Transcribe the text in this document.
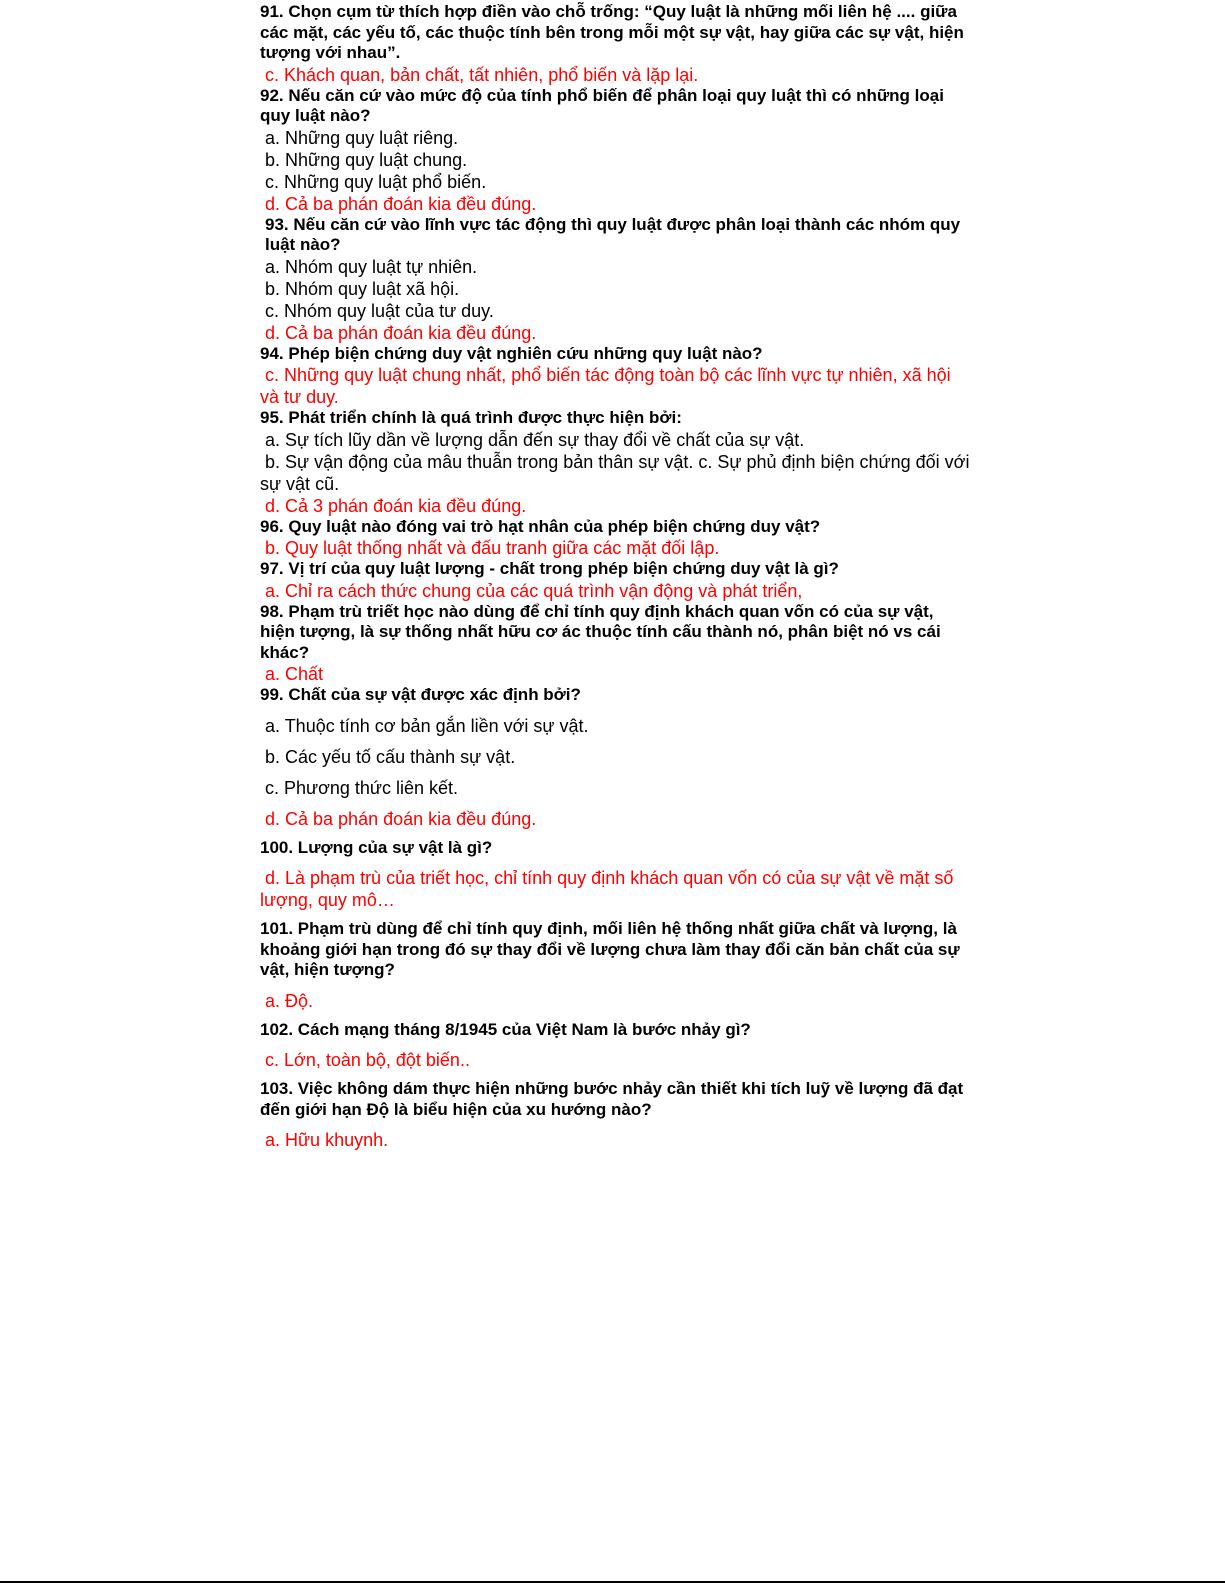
91. Chọn cụm từ thích hợp điền vào chỗ trống: “Quy luật là những mối liên hệ .... giữa các mặt, các yếu tố, các thuộc tính bên trong mỗi một sự vật, hay giữa các sự vật, hiện tượng với nhau”.

c. Khách quan, bản chất, tất nhiên, phổ biến và lặp lại.

92. Nếu căn cứ vào mức độ của tính phổ biến để phân loại quy luật thì có những loại quy luật nào?

a. Những quy luật riêng.

b. Những quy luật chung.

c. Những quy luật phổ biến.

d. Cả ba phán đoán kia đều đúng.

93. Nếu căn cứ vào lĩnh vực tác động thì quy luật được phân loại thành các nhóm quy luật nào?

a. Nhóm quy luật tự nhiên.

b. Nhóm quy luật xã hội.

c. Nhóm quy luật của tư duy.

d. Cả ba phán đoán kia đều đúng.

94. Phép biện chứng duy vật nghiên cứu những quy luật nào?

c. Những quy luật chung nhất, phổ biến tác động toàn bộ các lĩnh vực tự nhiên, xã hội và tư duy.

95. Phát triển chính là quá trình được thực hiện bởi:

a. Sự tích lũy dần về lượng dẫn đến sự thay đổi về chất của sự vật.

b. Sự vận động của mâu thuẫn trong bản thân sự vật. c. Sự phủ định biện chứng đối với sự vật cũ.

d. Cả 3 phán đoán kia đều đúng.

96. Quy luật nào đóng vai trò hạt nhân của phép biện chứng duy vật?

b. Quy luật thống nhất và đấu tranh giữa các mặt đối lập.

97. Vị trí của quy luật lượng - chất trong phép biện chứng duy vật là gì?

a. Chỉ ra cách thức chung của các quá trình vận động và phát triển,

98. Phạm trù triết học nào dùng để chỉ tính quy định khách quan vốn có của sự vật, hiện tượng, là sự thống nhất hữu cơ ác thuộc tính cấu thành nó, phân biệt nó vs cái khác?

a. Chất

99. Chất của sự vật được xác định bởi?

a. Thuộc tính cơ bản gắn liền với sự vật.

b. Các yếu tố cấu thành sự vật.

c. Phương thức liên kết.

d. Cả ba phán đoán kia đều đúng.

100. Lượng của sự vật là gì?

d. Là phạm trù của triết học, chỉ tính quy định khách quan vốn có của sự vật về mặt số lượng, quy mô…

101. Phạm trù dùng để chỉ tính quy định, mối liên hệ thống nhất giữa chất và lượng, là khoảng giới hạn trong đó sự thay đổi về lượng chưa làm thay đổi căn bản chất của sự vật, hiện tượng?

a. Độ.

102. Cách mạng tháng 8/1945 của Việt Nam là bước nhảy gì?

c. Lớn, toàn bộ, đột biến..

103. Việc không dám thực hiện những bước nhảy cần thiết khi tích luỹ về lượng đã đạt đến giới hạn Độ là biểu hiện của xu hướng nào?

a. Hữu khuynh.
